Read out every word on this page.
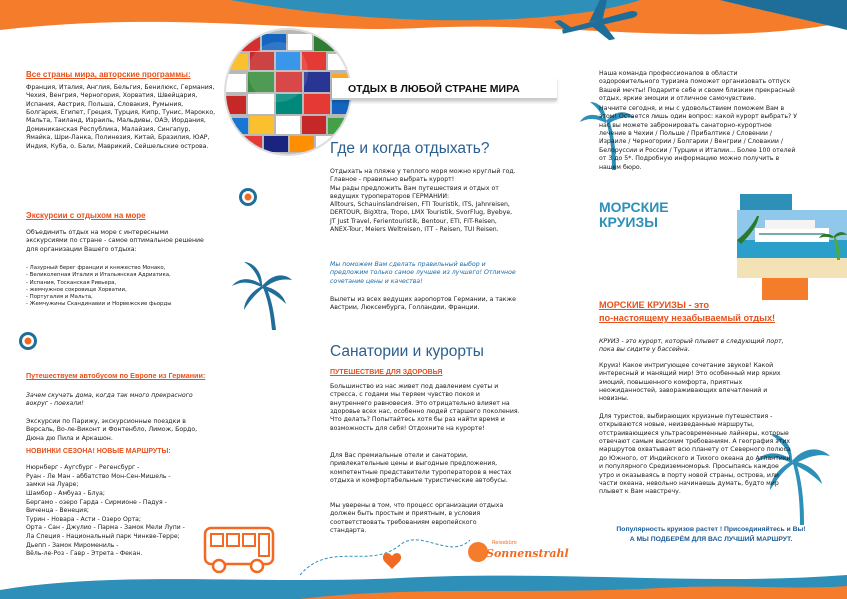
Все страны мира, авторские программы:
Франция, Италия, Англия, Бельгия, Бенилюкс, Германия, Чехия, Венгрия, Черногория, Хорватия, Швейцария, Испания, Австрия, Польша, Словакия, Румыния, Болгария, Египет, Греция, Турция, Кипр, Тунис, Марокко, Мальта, Таиланд, Израиль, Мальдивы, ОАЭ, Иордания, Доминиканская Республика, Малайзия, Сингапур, Ямайка, Шри-Ланка, Полинезия, Китай, Бразилия, ЮАР, Индия, Куба, о. Бали, Маврикий, Сейшельские острова.
Экскурсии с отдыхом на море
Объединить отдых на море с интересными экскурсиями по стране - самое оптимальное решение для организации Вашего отдыха:
- Лазурный берег франции и княжество Монако,
- Великолепная Италия и Итальянская Адриатика,
- Испания, Тосканская Ривьера,
- жемчужное сокровище Хорватии,
- Португалия и Мальта,
- Жемчужины Скандинавии и Норвежские фьорды
Путешествуем автобусом по Европе из Германии:
Зачем скучать дома, когда так много прекрасного вокруг - поехали!
Экскурсии по Парижу, экскурсионные поездки в Версаль, Во-ле-Виконт и Фонтенбло, Лимож, Бордо, Дюна дю Пила и Аркашон.
НОВИНКИ СЕЗОНА! НОВЫЕ МАРШРУТЫ:
Нюрнберг - Аугсбург - Регенсбург -
Руан - Ле Ман - аббатство Мон-Сен-Мишель -
замки на Луаре;
Шамбор - Амбуаз - Блуа;
Бергамо - озеро Гарда - Сирмионе - Падуя -
Виченца - Венеция;
Турин - Новара - Асти - Озеро Орта;
Орта - Сан - Джулио - Парма - Замок Мели Лупи -
Ла Специя - Национальный парк Чинкве-Терре;
Дьепп - Замок Миромениль -
Вёль-ле-Роз - Гавр - Этрета - Фекан.
ОТДЫХ В ЛЮБОЙ СТРАНЕ МИРА
Где и когда отдыхать?
Отдыхать на пляже у теплого моря можно круглый год. Главное - правильно выбрать курорт!
Мы рады предложить Вам путешествия и отдых от ведущих туроператоров ГЕРМАНИИ:
Alltours, Schauinslandreisen, FTI Touristik, ITS, Jahnreisen, DERTOUR, BigXtra, Tropo, LMX Touristik, SvorFlug, Byebye, JT Just Travel, Ferientouristik, Bentour, ETI, FIT-Reisen, ANEX-Tour, Meiers Weltreisen, ITT - Reisen, TUI Reisen.
Мы поможем Вам сделать правильный выбор и предложим только самое лучшее из лучшего! Отличное сочетание цены и качества!
Вылеты из всех ведущих аэропортов Германии, а также Австрии, Люксембурга, Голландии, Франции.
Санатории и курорты
ПУТЕШЕСТВИЕ ДЛЯ ЗДОРОВЬЯ
Большинство из нас живет под давлением суеты и стресса, с годами мы теряем чувство покоя и внутреннего равновесия. Это отрицательно влияет на здоровье всех нас, особенно людей старшего поколения. Что делать? Попытайтесь хотя бы раз найти время и возможность для себя! Отдохните на курорте!
Для Вас премиальные отели и санатории, привлекательные цены и выгодные предложения, компетентные представители туроператоров в местах отдыха и комфортабельные туристические автобусы.
Мы уверены в том, что процесс организации отдыха должен быть простым и приятным, в условия соответствовать требованиям европейского стандарта.
Reisebüro
Sonnenstrahl
Наша команда профессионалов в области оздоровительного туризма поможет организовать отпуск Вашей мечты! Подарите себе и своим близким прекрасный отдых, яркие эмоции и отличное самочувствие.
Начните сегодня, и мы с удовольствием поможем Вам в этом! Остается лишь один вопрос: какой курорт выбрать? У нас вы можете забронировать санаторно-курортное лечение в Чехии / Польше / Прибалтике / Словении / Израиле / Черногории / Болгарии / Венгрии / Словакии / Белоруссии и России / Турции и Италии... Более 100 отелей от 3 до 5*. Подробную информацию можно получить в нашем бюро.
МОРСКИЕ
КРУИЗЫ
МОРСКИЕ КРУИЗЫ - это
по-настоящему незабываемый отдых!
КРУИЗ - это курорт, который плывет в следующий порт, пока вы сидите у бассейна.
Круиз! Какое интригующее сочетание звуков! Какой интересный и манящий мир! Это особенный мир ярких эмоций, повышенного комфорта, приятных неожиданностей, завораживающих впечатлений и новизны.
Для туристов, выбирающих круизные путешествия - открываются новые, неизведанные маршруты, отстраивающиеся ультрасовременные лайнеры, которые отвечают самым высоким требованиям. А география этих маршрутов охватывает всю планету от Северного полюса до Южного, от Индийского и Тихого океана до Атлантики и популярного Средиземноморья. Просыпаясь каждое утро и оказываясь в порту новой страны, острова, или части океана, невольно начинаешь думать, будто мир плывет к Вам навстречу.
Популярность круизов растет ! Присоединяйтесь и Вы!
А МЫ ПОДБЕРЁМ ДЛЯ ВАС ЛУЧШИЙ МАРШРУТ.
